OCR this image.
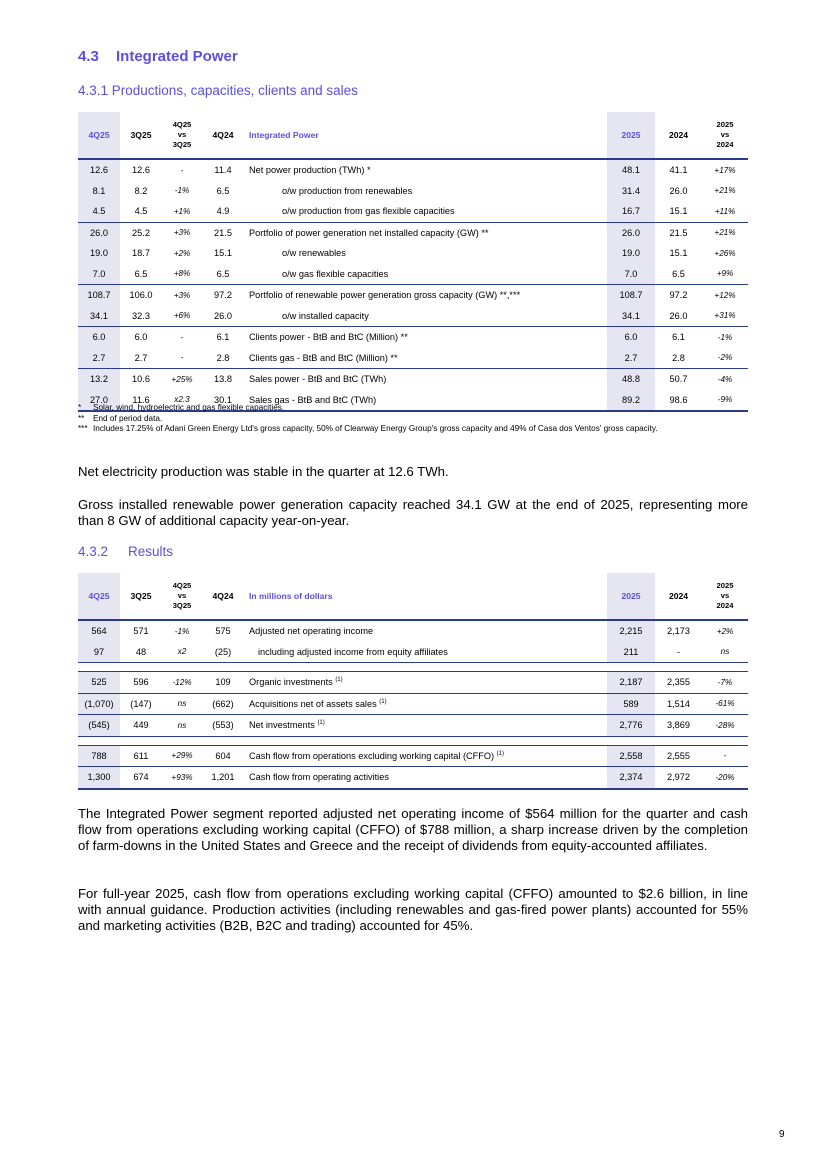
4.3 Integrated Power
4.3.1 Productions, capacities, clients and sales
4Q25	3Q25	4Q25
vs
3Q25	4Q24	Integrated Power	2025	2024	2025
vs
2024
12.6	12.6	-	11.4	Net power production (TWh) *	48.1	41.1	+17%
8.1	8.2	-1%	6.5	o/w production from renewables	31.4	26.0	+21%
4.5	4.5	+1%	4.9	o/w production from gas flexible capacities	16.7	15.1	+11%
26.0	25.2	+3%	21.5	Portfolio of power generation net installed capacity (GW) **	26.0	21.5	+21%
19.0	18.7	+2%	15.1	o/w renewables	19.0	15.1	+26%
7.0	6.5	+8%	6.5	o/w gas flexible capacities	7.0	6.5	+9%
108.7	106.0	+3%	97.2	Portfolio of renewable power generation gross capacity (GW) **,***	108.7	97.2	+12%
34.1	32.3	+6%	26.0	o/w installed capacity	34.1	26.0	+31%
6.0	6.0	-	6.1	Clients power - BtB and BtC (Million) **	6.0	6.1	-1%
2.7	2.7	-	2.8	Clients gas - BtB and BtC (Million) **	2.7	2.8	-2%
13.2	10.6	+25%	13.8	Sales power - BtB and BtC (TWh)	48.8	50.7	-4%
27.0	11.6	x2.3	30.1	Sales gas - BtB and BtC (TWh)	89.2	98.6	-9%
*	Solar, wind, hydroelectric and gas flexible capacities.
**	End of period data.
*** Includes 17.25% of Adani Green Energy Ltd's gross capacity, 50% of Clearway Energy Group's gross capacity and 49% of Casa dos Ventos' gross capacity.

Net electricity production was stable in the quarter at 12.6 TWh.

Gross installed renewable power generation capacity reached 34.1 GW at the end of 2025, representing more than 8 GW of additional capacity year-on-year.

4.3.2 Results
4Q25	3Q25	4Q25
vs
3Q25	4Q24	In millions of dollars	2025	2024	2025
vs
2024
564	571	-1%	575	Adjusted net operating income	2,215	2,173	+2%
97	48	x2	(25)	including adjusted income from equity affiliates	211	-	ns

525	596	-12%	109	Organic investments $^{(1)}$	2,187	2,355	-7%
(1,070)	(147)	ns	(662)	Acquisitions net of assets sales $^{(1)}$	589	1,514	-61%
(545)	449	ns	(553)	Net investments $^{(1)}$	2,776	3,869	-28%

788	611	+29%	604	Cash flow from operations excluding working capital (CFFO) $^{(1)}$	2,558	2,555	-
1,300	674	+93%	1,201	Cash flow from operating activities	2,374	2,972	-20%

The Integrated Power segment reported adjusted net operating income of $564 million for the quarter and cash flow from operations excluding working capital (CFFO) of $788 million, a sharp increase driven by the completion of farm-downs in the United States and Greece and the receipt of dividends from equity-accounted affiliates.

For full-year 2025, cash flow from operations excluding working capital (CFFO) amounted to $2.6 billion, in line with annual guidance. Production activities (including renewables and gas-fired power plants) accounted for 55% and marketing activities (B2B, B2C and trading) accounted for 45%.

9
